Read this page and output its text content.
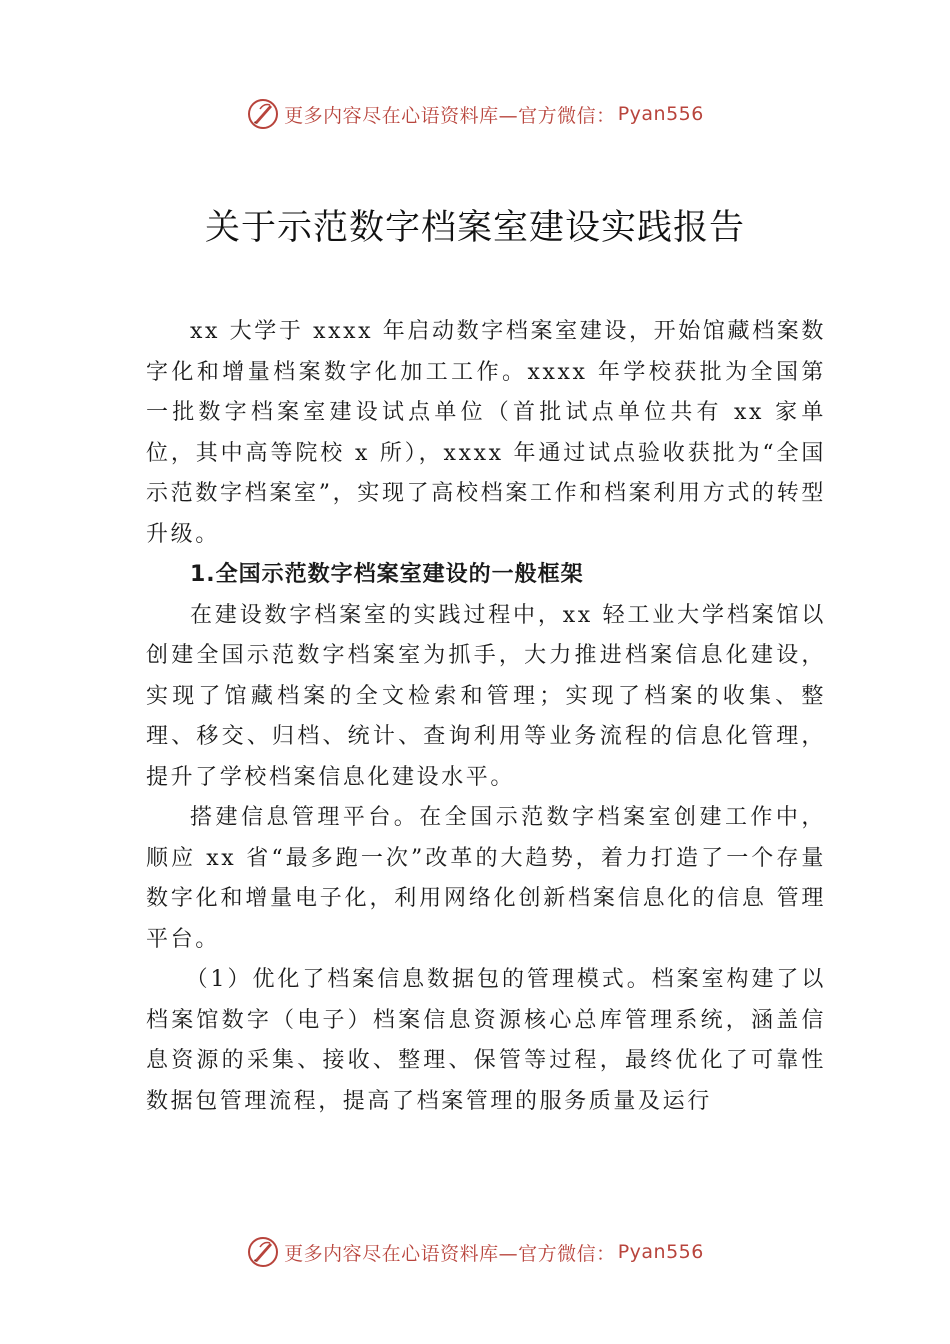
更多内容尽在心语资料库 —官方微信： Pyan556
关于示范数字档案室建设实践报告

xx 大学于 xxxx 年启动数字档案室建设，开始馆藏档案数字化和增量档案数字化加工工作。xxxx 年学校获批为全国第一批数字档案室建设试点单位（首批试点单位共有 xx 家单位，其中高等院校 x 所），xxxx 年通过试点验收获批为“全国示范数字档案室”，实现了高校档案工作和档案利用方式的转型升级。

1.全国示范数字档案室建设的一般框架

在建设数字档案室的实践过程中，xx 轻工业大学档案馆以创建全国示范数字档案室为抓手，大力推进档案信息化建设，实现了馆藏档案的全文检索和管理；实现了档案的收集、整理、移交、归档、统计、查询利用等业务流程的信息化管理，提升了学校档案信息化建设水平。

搭建信息管理平台。在全国示范数字档案室创建工作中，顺应 xx 省“最多跑一次”改革的大趋势，着力打造了一个存量数字化和增量电子化，利用网络化创新档案信息化的信息 管理平台。

（1）优化了档案信息数据包的管理模式。档案室构建了以档案馆数字（电子）档案信息资源核心总库管理系统，涵盖信息资源的采集、接收、整理、保管等过程，最终优化了可靠性数据包管理流程，提高了档案管理的服务质量及运行

更多内容尽在心语资料库 —官方微信： Pyan556
